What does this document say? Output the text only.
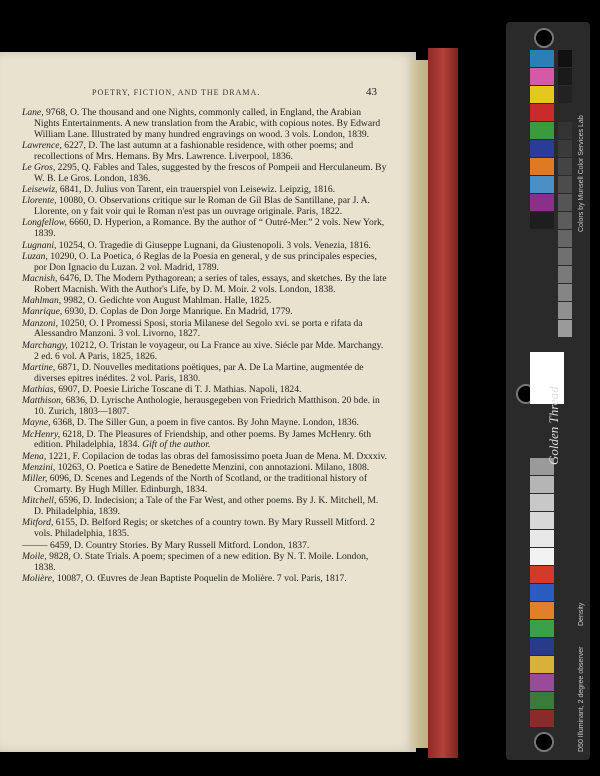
POETRY, FICTION, AND THE DRAMA.	43
Lane, 9768, O. The thousand and one Nights, commonly called, in England, the Arabian Nights Entertainments. A new translation from the Arabic, with copious notes. By Edward William Lane. Illustrated by many hundred engravings on wood. 3 vols. London, 1839.
Lawrence, 6227, D. The last autumn at a fashionable residence, with other poems; and recollections of Mrs. Hemans. By Mrs. Lawrence. Liverpool, 1836.
Le Gros, 2295, Q. Fables and Tales, suggested by the frescos of Pompeii and Herculaneum. By W. B. Le Gros. London, 1836.
Leisewiz, 6841, D. Julius von Tarent, ein trauerspiel von Leisewiz. Leipzig, 1816.
Llorente, 10080, O. Observations critique sur le Roman de Gil Blas de Santillane, par J. A. Llorente, on y fait voir qui le Roman n'est pas un ouvrage originale. Paris, 1822.
Longfellow, 6660, D. Hyperion, a Romance. By the author of “ Outré-Mer.” 2 vols. New York, 1839.
Lugnani, 10254, O. Tragedie di Giuseppe Lugnani, da Giustenopoli. 3 vols. Venezia, 1816.
Luzan, 10290, O. La Poetica, ó Reglas de la Poesia en general, y de sus principales especies, por Don Ignacio du Luzan. 2 vol. Madrid, 1789.
Macnish, 6476, D. The Modern Pythagorean; a series of tales, essays, and sketches. By the late Robert Macnish. With the Author's Life, by D. M. Moir. 2 vols. London, 1838.
Mahlman, 9982, O. Gedichte von August Mahlman. Halle, 1825.
Manrique, 6930, D. Coplas de Don Jorge Manrique. En Madrid, 1779.
Manzoni, 10250, O. I Promessi Sposi, storia Milanese del Segolo xvi. se porta e rifata da Alessandro Manzoni. 3 vol. Livorno, 1827.
Marchangy, 10212, O. Tristan le voyageur, ou La France au xive. Siécle par Mde. Marchangy. 2 ed. 6 vol. A Paris, 1825, 1826.
Martine, 6871, D. Nouvelles meditations poëtiques, par A. De La Martine, augmentée de diverses epitres inédites. 2 vol. Paris, 1830.
Mathias, 6907, D. Poesie Liriche Toscane di T. J. Mathias. Napoli, 1824.
Matthison, 6836, D. Lyrische Anthologie, herausgegeben von Friedrich Matthison. 20 bde. in 10. Zurich, 1803—1807.
Mayne, 6368, D. The Siller Gun, a poem in five cantos. By John Mayne. London, 1836.
McHenry, 6218, D. The Pleasures of Friendship, and other poems. By James McHenry. 6th edition. Philadelphia, 1834. Gift of the author.
Mena, 1221, F. Copilacion de todas las obras del famosissimo poeta Juan de Mena. M. Dxxxiv.
Menzini, 10263, O. Poetica e Satire de Benedette Menzini, con annotazioni. Milano, 1808.
Miller, 6096, D. Scenes and Legends of the North of Scotland, or the traditional history of Cromarty. By Hugh Miller. Edinburgh, 1834.
Mitchell, 6596, D. Indecision; a Tale of the Far West, and other poems. By J. K. Mitchell, M. D. Philadelphia, 1839.
Mitford, 6155, D. Belford Regis; or sketches of a country town. By Mary Russell Mitford. 2 vols. Philadelphia, 1835.
——— 6459, D. Country Stories. By Mary Russell Mitford. London, 1837.
Moile, 9828, O. State Trials. A poem; specimen of a new edition. By N. T. Moile. London, 1838.
Molière, 10087, O. Œuvres de Jean Baptiste Poquelin de Molière. 7 vol. Paris, 1817.
Colors by Munsell Color Services Lab
D50 Illuminant, 2 degree observer
Density
Golden Thread
